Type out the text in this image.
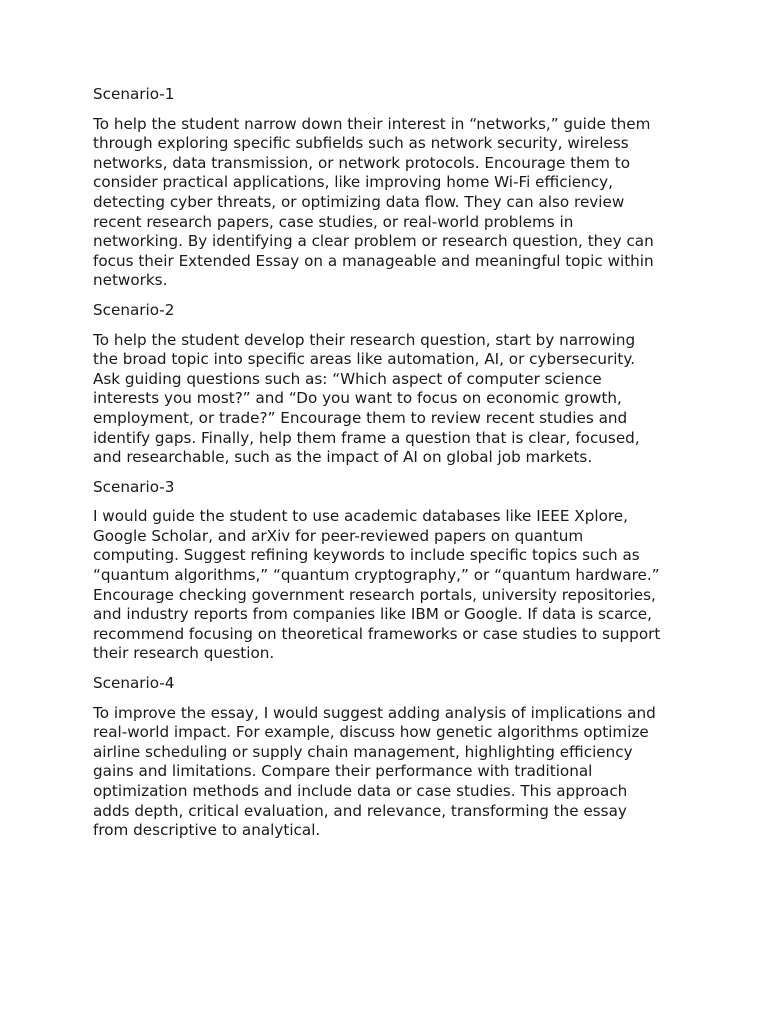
Scenario-1
To help the student narrow down their interest in “networks,” guide them
through exploring specific subfields such as network security, wireless
networks, data transmission, or network protocols. Encourage them to
consider practical applications, like improving home Wi-Fi efficiency,
detecting cyber threats, or optimizing data flow. They can also review
recent research papers, case studies, or real-world problems in
networking. By identifying a clear problem or research question, they can
focus their Extended Essay on a manageable and meaningful topic within
networks.
Scenario-2
To help the student develop their research question, start by narrowing
the broad topic into specific areas like automation, AI, or cybersecurity.
Ask guiding questions such as: “Which aspect of computer science
interests you most?” and “Do you want to focus on economic growth,
employment, or trade?” Encourage them to review recent studies and
identify gaps. Finally, help them frame a question that is clear, focused,
and researchable, such as the impact of AI on global job markets.
Scenario-3
I would guide the student to use academic databases like IEEE Xplore,
Google Scholar, and arXiv for peer-reviewed papers on quantum
computing. Suggest refining keywords to include specific topics such as
“quantum algorithms,” “quantum cryptography,” or “quantum hardware.”
Encourage checking government research portals, university repositories,
and industry reports from companies like IBM or Google. If data is scarce,
recommend focusing on theoretical frameworks or case studies to support
their research question.
Scenario-4
To improve the essay, I would suggest adding analysis of implications and
real-world impact. For example, discuss how genetic algorithms optimize
airline scheduling or supply chain management, highlighting efficiency
gains and limitations. Compare their performance with traditional
optimization methods and include data or case studies. This approach
adds depth, critical evaluation, and relevance, transforming the essay
from descriptive to analytical.
